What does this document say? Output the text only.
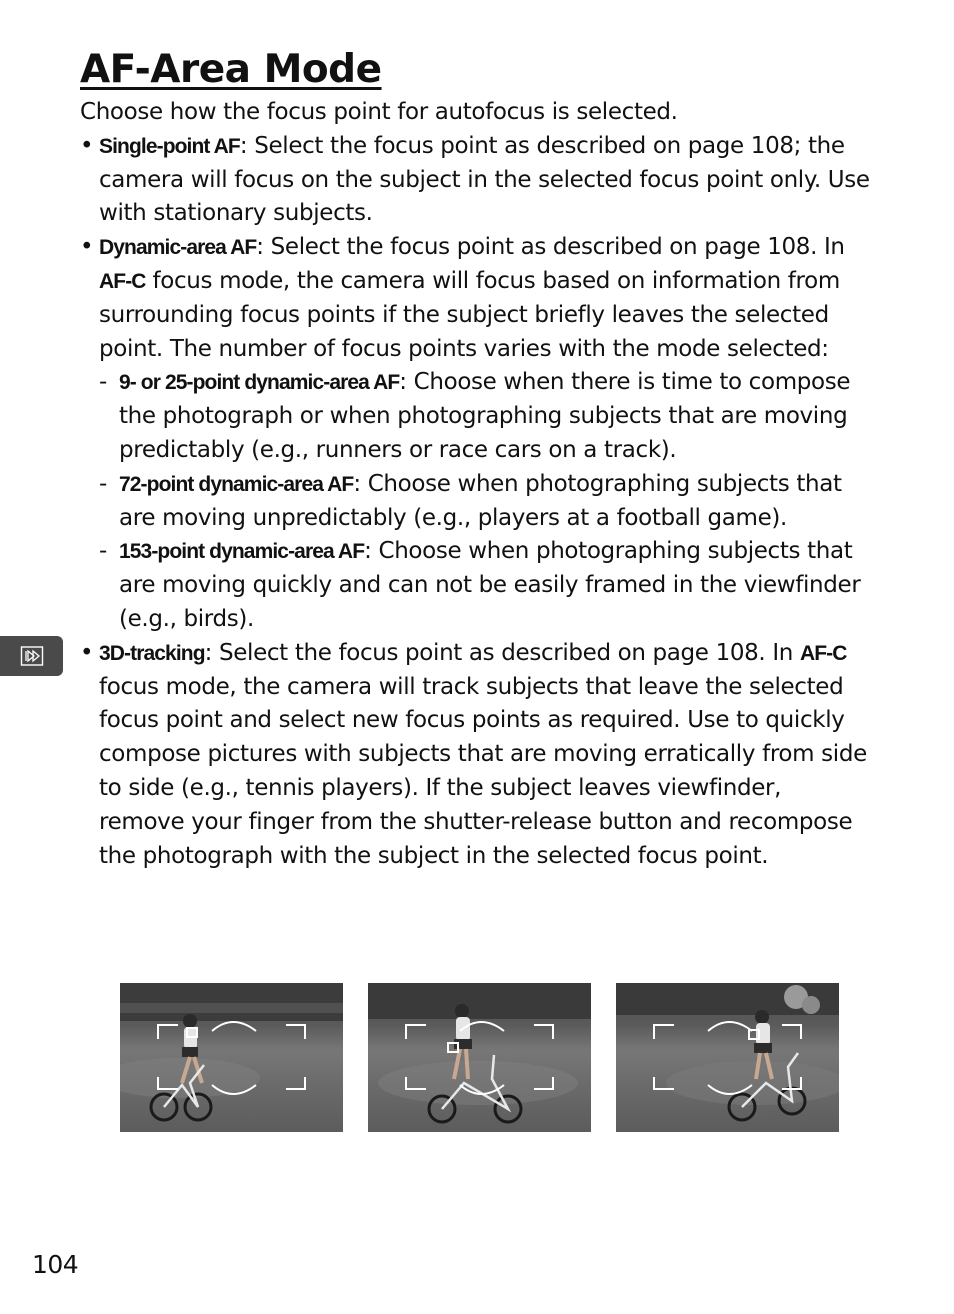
AF-Area Mode

Choose how the focus point for autofocus is selected.

• Single-point AF: Select the focus point as described on page 108; the camera will focus on the subject in the selected focus point only. Use with stationary subjects.
• Dynamic-area AF: Select the focus point as described on page 108. In AF-C focus mode, the camera will focus based on information from surrounding focus points if the subject briefly leaves the selected point. The number of focus points varies with the mode selected:
- 9- or 25-point dynamic-area AF: Choose when there is time to compose the photograph or when photographing subjects that are moving predictably (e.g., runners or race cars on a track).
- 72-point dynamic-area AF: Choose when photographing subjects that are moving unpredictably (e.g., players at a football game).
- 153-point dynamic-area AF: Choose when photographing subjects that are moving quickly and can not be easily framed in the viewfinder (e.g., birds).
• 3D-tracking: Select the focus point as described on page 108. In AF-C focus mode, the camera will track subjects that leave the selected focus point and select new focus points as required. Use to quickly compose pictures with subjects that are moving erratically from side to side (e.g., tennis players). If the subject leaves viewfinder, remove your finger from the shutter-release button and recompose the photograph with the subject in the selected focus point.
104
